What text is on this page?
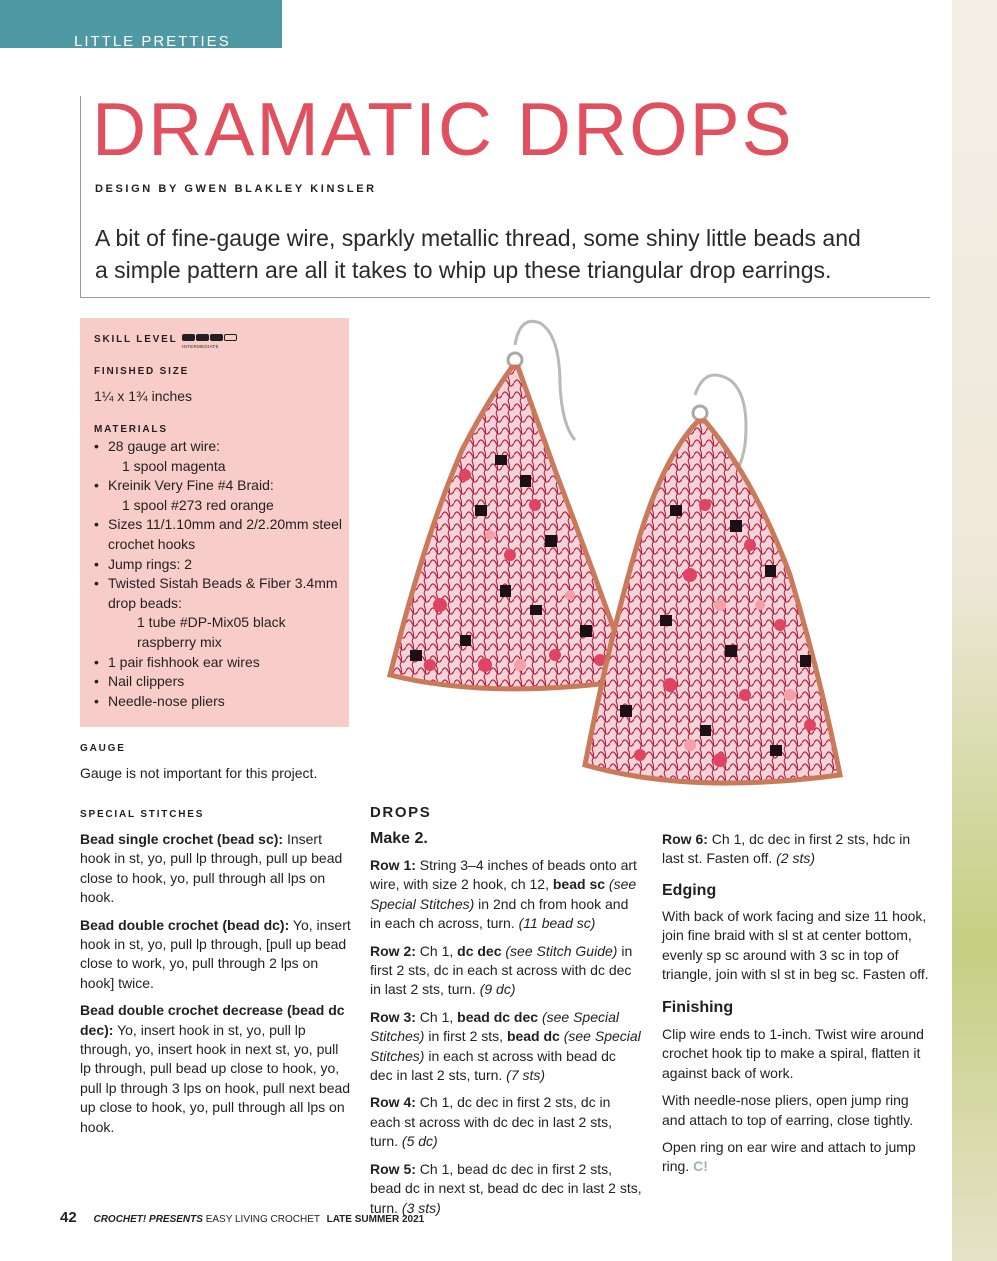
LITTLE PRETTIES
DRAMATIC DROPS
DESIGN BY GWEN BLAKLEY KINSLER
A bit of fine-gauge wire, sparkly metallic thread, some shiny little beads and
a simple pattern are all it takes to whip up these triangular drop earrings.
SKILL LEVEL
INTERMEDIATE
FINISHED SIZE
1¼ x 1¾ inches
MATERIALS
• 28 gauge art wire:
1 spool magenta
• Kreinik Very Fine #4 Braid:
1 spool #273 red orange
• Sizes 11/1.10mm and 2/2.20mm steel
crochet hooks
• Jump rings: 2
• Twisted Sistah Beads & Fiber 3.4mm
drop beads:
1 tube #DP-Mix05 black
raspberry mix
• 1 pair fishhook ear wires
• Nail clippers
• Needle-nose pliers
GAUGE
Gauge is not important for this project.
SPECIAL STITCHES
Bead single crochet (bead sc): Insert hook in st, yo, pull lp through, pull up bead close to hook, yo, pull through all lps on hook.
Bead double crochet (bead dc): Yo, insert hook in st, yo, pull lp through, [pull up bead close to work, yo, pull through 2 lps on hook] twice.
Bead double crochet decrease (bead dc dec): Yo, insert hook in st, yo, pull lp through, yo, insert hook in next st, yo, pull lp through, pull bead up close to hook, yo, pull lp through 3 lps on hook, pull next bead up close to hook, yo, pull through all lps on hook.
DROPS
Make 2.
Row 1: String 3–4 inches of beads onto art wire, with size 2 hook, ch 12, bead sc (see Special Stitches) in 2nd ch from hook and in each ch across, turn. (11 bead sc)
Row 2: Ch 1, dc dec (see Stitch Guide) in first 2 sts, dc in each st across with dc dec in last 2 sts, turn. (9 dc)
Row 3: Ch 1, bead dc dec (see Special Stitches) in first 2 sts, bead dc (see Special Stitches) in each st across with bead dc dec in last 2 sts, turn. (7 sts)
Row 4: Ch 1, dc dec in first 2 sts, dc in each st across with dc dec in last 2 sts, turn. (5 dc)
Row 5: Ch 1, bead dc dec in first 2 sts, bead dc in next st, bead dc dec in last 2 sts, turn. (3 sts)
Row 6: Ch 1, dc dec in first 2 sts, hdc in last st. Fasten off. (2 sts)
Edging
With back of work facing and size 11 hook, join fine braid with sl st at center bottom, evenly sp sc around with 3 sc in top of triangle, join with sl st in beg sc. Fasten off.
Finishing
Clip wire ends to 1-inch. Twist wire around crochet hook tip to make a spiral, flatten it against back of work.
With needle-nose pliers, open jump ring and attach to top of earring, close tightly.
Open ring on ear wire and attach to jump ring. C!
42 CROCHET! PRESENTS EASY LIVING CROCHET LATE SUMMER 2021
